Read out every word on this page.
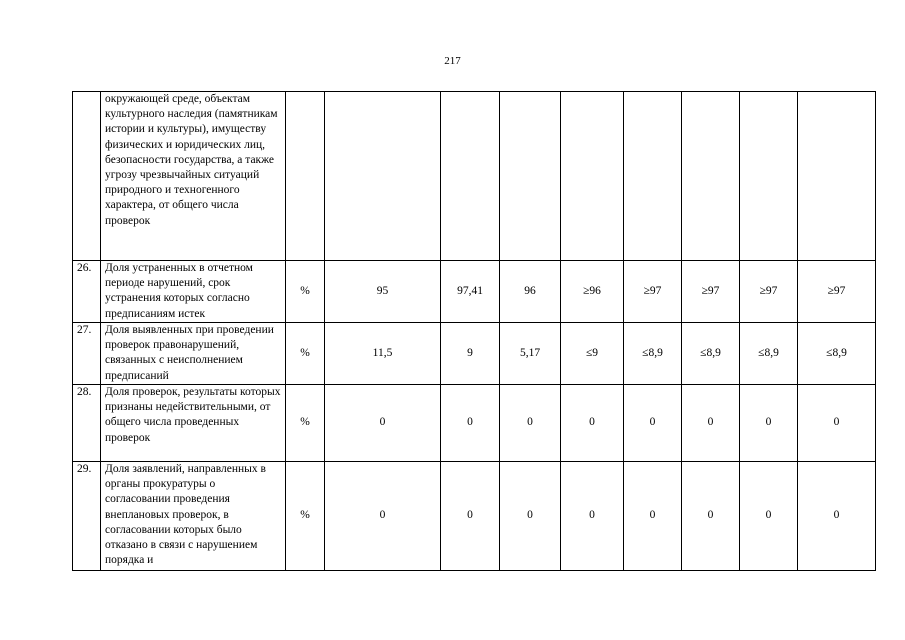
217
	окружающей среде, объектам культурного наследия (памятникам истории и культуры), имуществу физических и юридических лиц, безопасности государства, а также угрозу чрезвычайных ситуаций природного и техногенного характера, от общего числа проверок									
26.	Доля устраненных в отчетном периоде нарушений, срок устранения которых согласно предписаниям истек	%	95	97,41	96	≥96	≥97	≥97	≥97	≥97
27.	Доля выявленных при проведении проверок правонарушений, связанных с неисполнением предписаний	%	11,5	9	5,17	≤9	≤8,9	≤8,9	≤8,9	≤8,9
28.	Доля проверок, результаты которых признаны недействительными, от общего числа проведенных проверок	%	0	0	0	0	0	0	0	0
29.	Доля заявлений, направленных в органы прокуратуры о согласовании проведения внеплановых проверок, в согласовании которых было отказано в связи с нарушением порядка и	%	0	0	0	0	0	0	0	0
